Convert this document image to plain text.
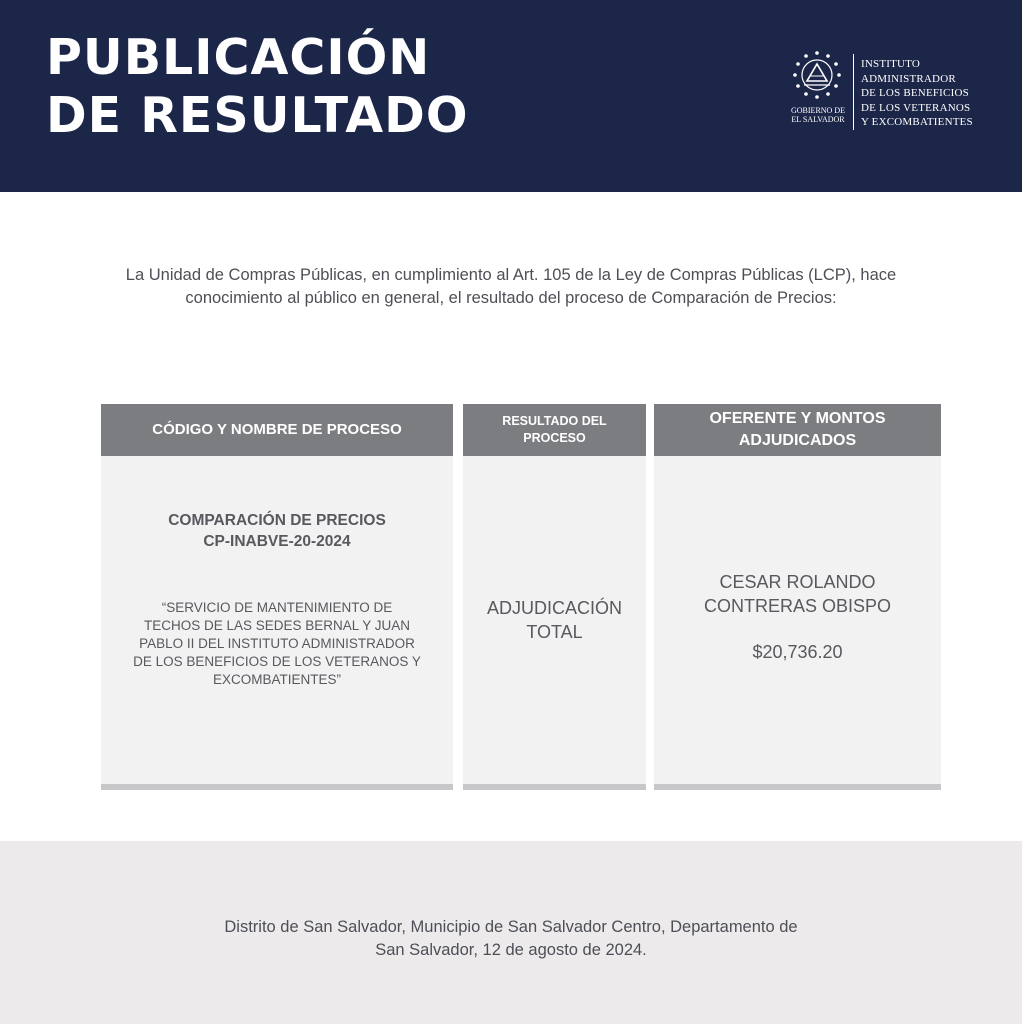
PUBLICACIÓN
DE RESULTADO	GOBIERNO DE
EL SALVADOR
INSTITUTO
ADMINISTRADOR
DE LOS BENEFICIOS
DE LOS VETERANOS
Y EXCOMBATIENTES

La Unidad de Compras Públicas, en cumplimiento al Art. 105 de la Ley de Compras Públicas (LCP), hace
conocimiento al público en general, el resultado del proceso de Comparación de Precios:

CÓDIGO Y NOMBRE DE PROCESO
COMPARACIÓN DE PRECIOS
CP-INABVE-20-2024
“SERVICIO DE MANTENIMIENTO DE
TECHOS DE LAS SEDES BERNAL Y JUAN
PABLO II DEL INSTITUTO ADMINISTRADOR
DE LOS BENEFICIOS DE LOS VETERANOS Y
EXCOMBATIENTES”
RESULTADO DEL
PROCESO
ADJUDICACIÓN
TOTAL
OFERENTE Y MONTOS
ADJUDICADOS
CESAR ROLANDO
CONTRERAS OBISPO
$20,736.20
Distrito de San Salvador, Municipio de San Salvador Centro, Departamento de
San Salvador, 12 de agosto de 2024.
